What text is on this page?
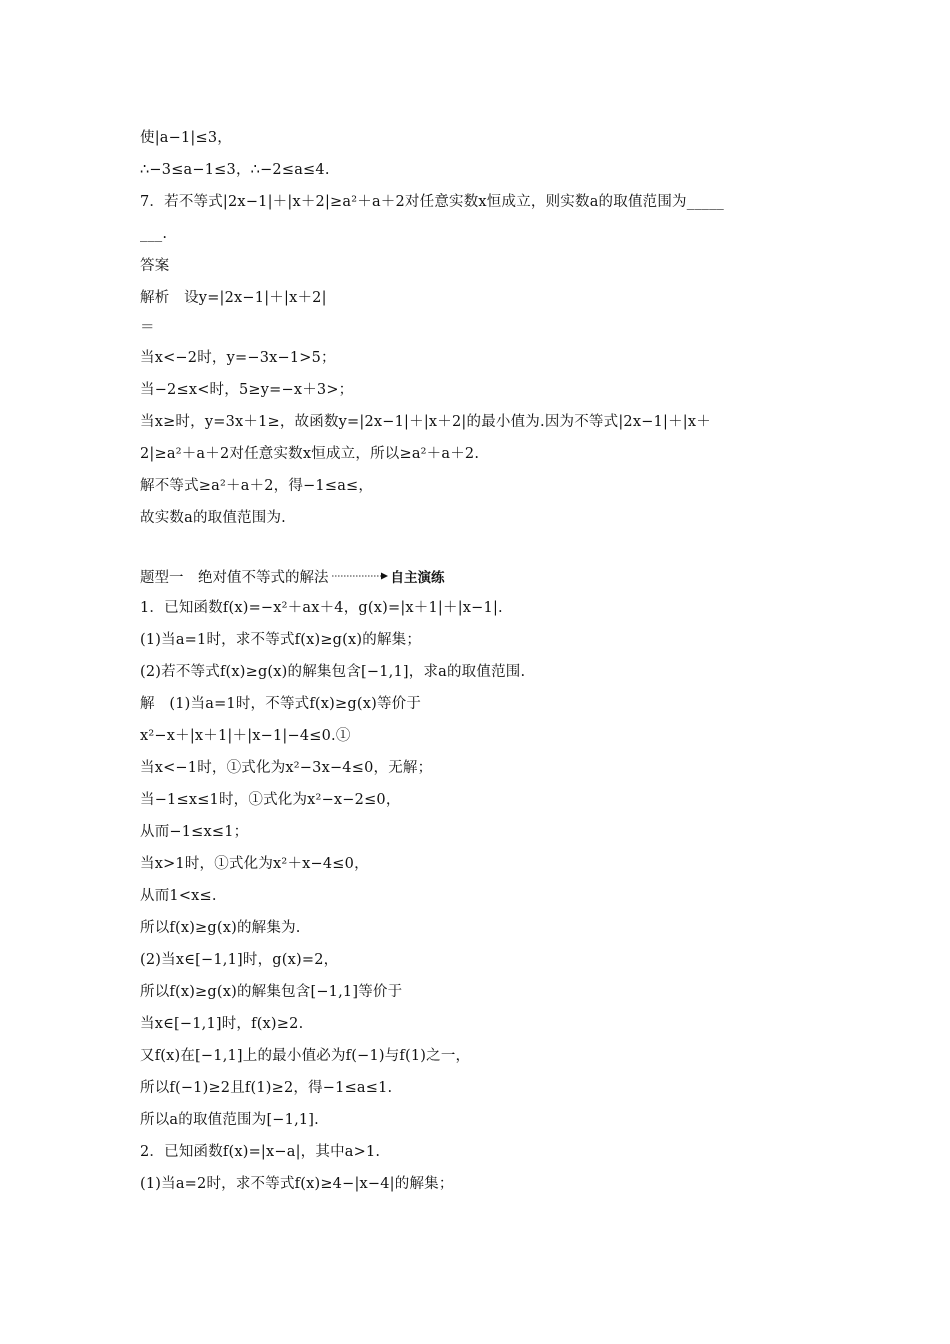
使|a−1|≤3，
∴−3≤a−1≤3，∴−2≤a≤4.
7．若不等式|2x−1|＋|x＋2|≥a²＋a＋2对任意实数x恒成立，则实数a的取值范围为_____
___.
答案
解析　设y=|2x−1|＋|x＋2|
＝
当x<−2时，y=−3x−1>5；
当−2≤x<时，5≥y=−x＋3>；
当x≥时，y=3x＋1≥，故函数y=|2x−1|＋|x＋2|的最小值为.因为不等式|2x−1|＋|x＋
2|≥a²＋a＋2对任意实数x恒成立，所以≥a²＋a＋2.
解不等式≥a²＋a＋2，得−1≤a≤，
故实数a的取值范围为.
1．已知函数f(x)=−x²＋ax＋4，g(x)=|x＋1|＋|x−1|.
(1)当a=1时，求不等式f(x)≥g(x)的解集；
(2)若不等式f(x)≥g(x)的解集包含[−1,1]，求a的取值范围.
解　(1)当a=1时，不等式f(x)≥g(x)等价于
x²−x＋|x＋1|＋|x−1|−4≤0.①
当x<−1时，①式化为x²−3x−4≤0，无解；
当−1≤x≤1时，①式化为x²−x−2≤0，
从而−1≤x≤1；
当x>1时，①式化为x²＋x−4≤0，
从而1<x≤.
所以f(x)≥g(x)的解集为.
(2)当x∈[−1,1]时，g(x)=2，
所以f(x)≥g(x)的解集包含[−1,1]等价于
当x∈[−1,1]时，f(x)≥2.
又f(x)在[−1,1]上的最小值必为f(−1)与f(1)之一，
所以f(−1)≥2且f(1)≥2，得−1≤a≤1.
所以a的取值范围为[−1,1].
2．已知函数f(x)=|x−a|，其中a>1.
(1)当a=2时，求不等式f(x)≥4−|x−4|的解集；
题型一　绝对值不等式的解法	自主演练
